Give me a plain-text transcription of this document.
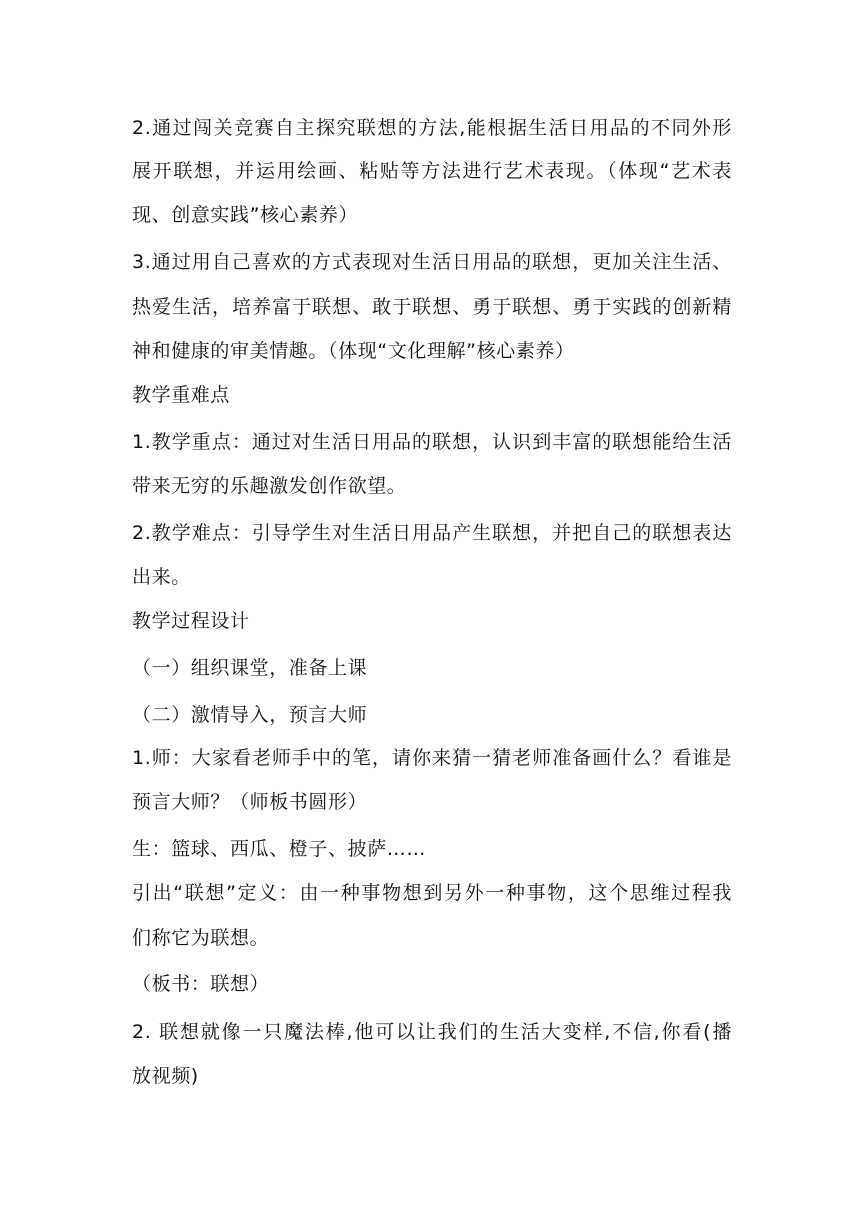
2.通过闯关竞赛自主探究联想的方法,能根据生活日用品的不同外形
展开联想，并运用绘画、粘贴等方法进行艺术表现。（体现“艺术表
现、创意实践”核心素养）
3.通过用自己喜欢的方式表现对生活日用品的联想，更加关注生活、
热爱生活，培养富于联想、敢于联想、勇于联想、勇于实践的创新精
神和健康的审美情趣。（体现“文化理解”核心素养）
教学重难点
1.教学重点：通过对生活日用品的联想，认识到丰富的联想能给生活
带来无穷的乐趣激发创作欲望。
2.教学难点：引导学生对生活日用品产生联想，并把自己的联想表达
出来。
教学过程设计
（一）组织课堂，准备上课
（二）激情导入，预言大师
1.师：大家看老师手中的笔，请你来猜一猜老师准备画什么？看谁是
预言大师？（师板书圆形）
生：篮球、西瓜、橙子、披萨……
引出“联想”定义：由一种事物想到另外一种事物，这个思维过程我
们称它为联想。
（板书：联想）
2. 联想就像一只魔法棒,他可以让我们的生活大变样,不信,你看(播
放视频)
